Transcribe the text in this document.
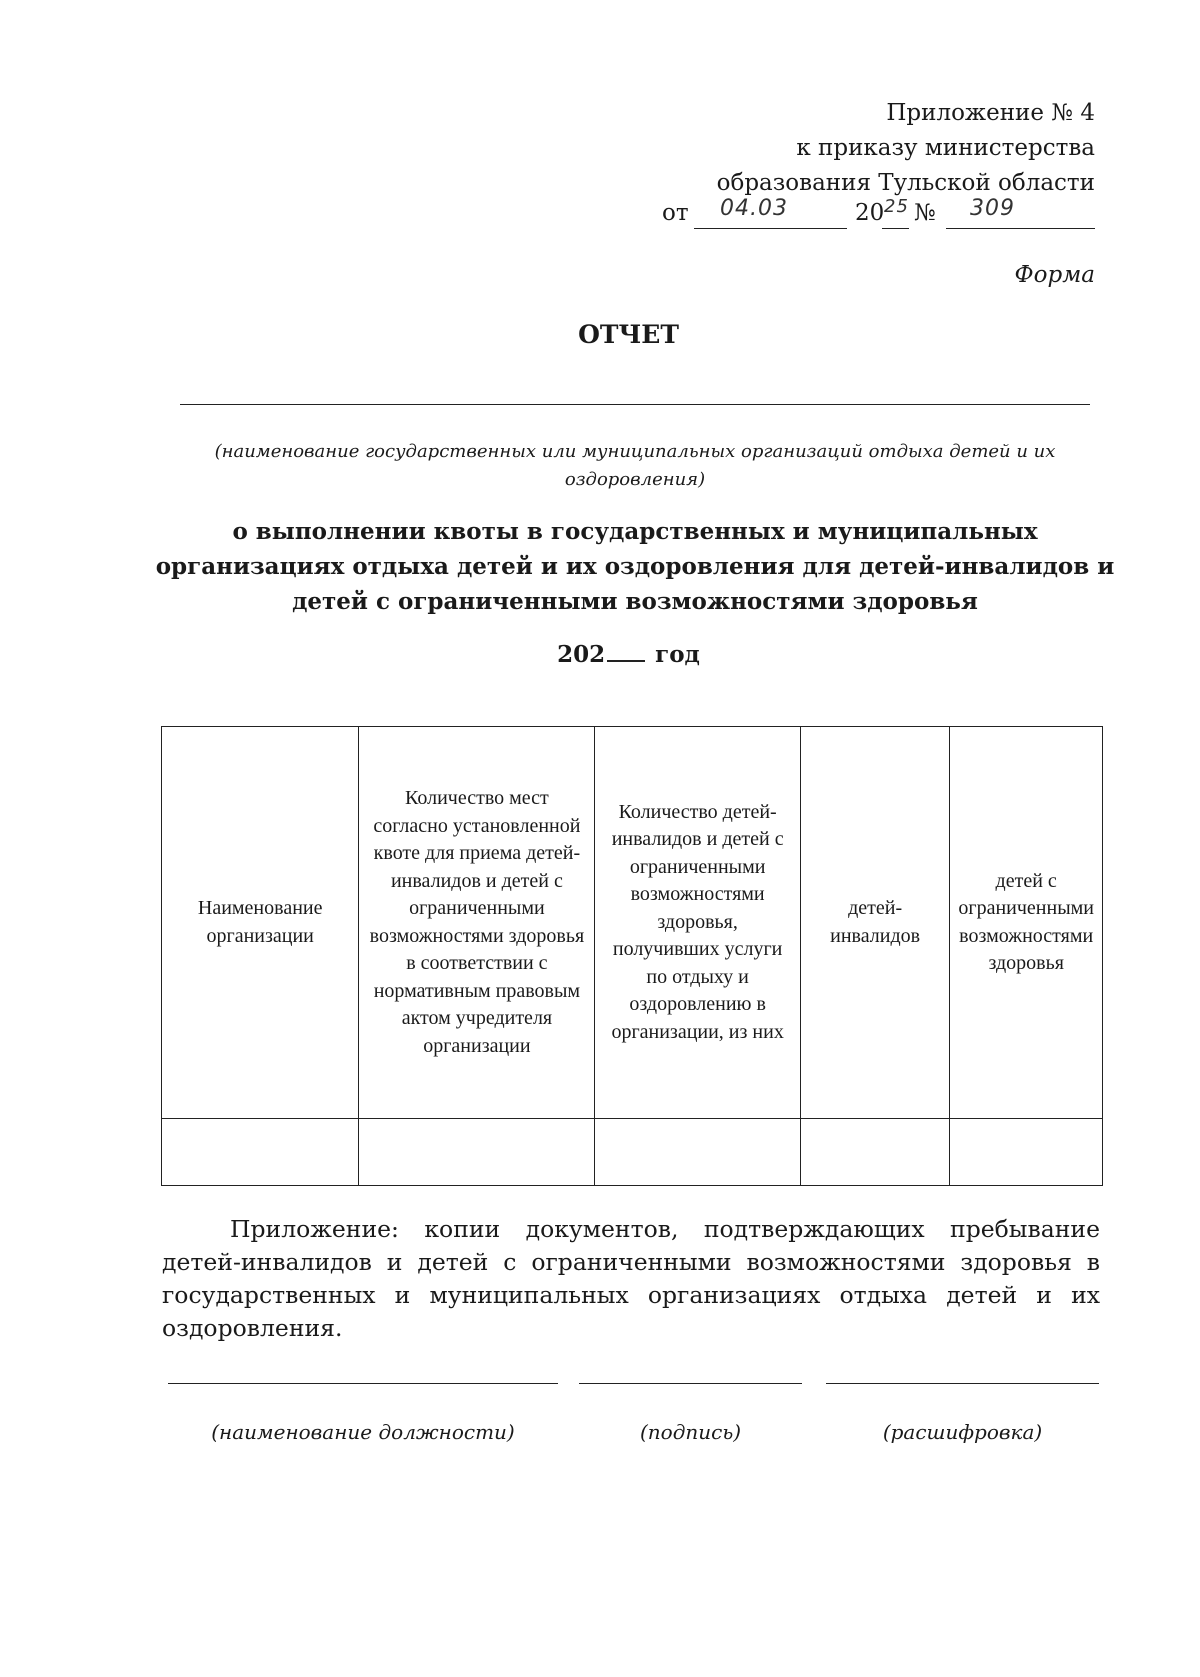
Приложение № 4
к приказу министерства
образования Тульской области
от 04.03	20 25 № 309
Форма
ОТЧЕТ
(наименование государственных или муниципальных организаций отдыха детей и их оздоровления)
о выполнении квоты в государственных и муниципальных организациях отдыха детей и их оздоровления для детей-инвалидов и детей с ограниченными возможностями здоровья
202 год
Наименование организации	Количество мест согласно установленной квоте для приема детей-инвалидов и детей с ограниченными возможностями здоровья в соответствии с нормативным правовым актом учредителя организации	Количество детей-инвалидов и детей с ограниченными возможностями здоровья, получивших услуги по отдыху и оздоровлению в организации, из них	детей-инвалидов	детей с ограниченными возможностями здоровья

Приложение: копии документов, подтверждающих пребывание детей-инвалидов и детей с ограниченными возможностями здоровья в государственных и муниципальных организациях отдыха детей и их оздоровления.
(наименование должности)	(подпись)	(расшифровка)
